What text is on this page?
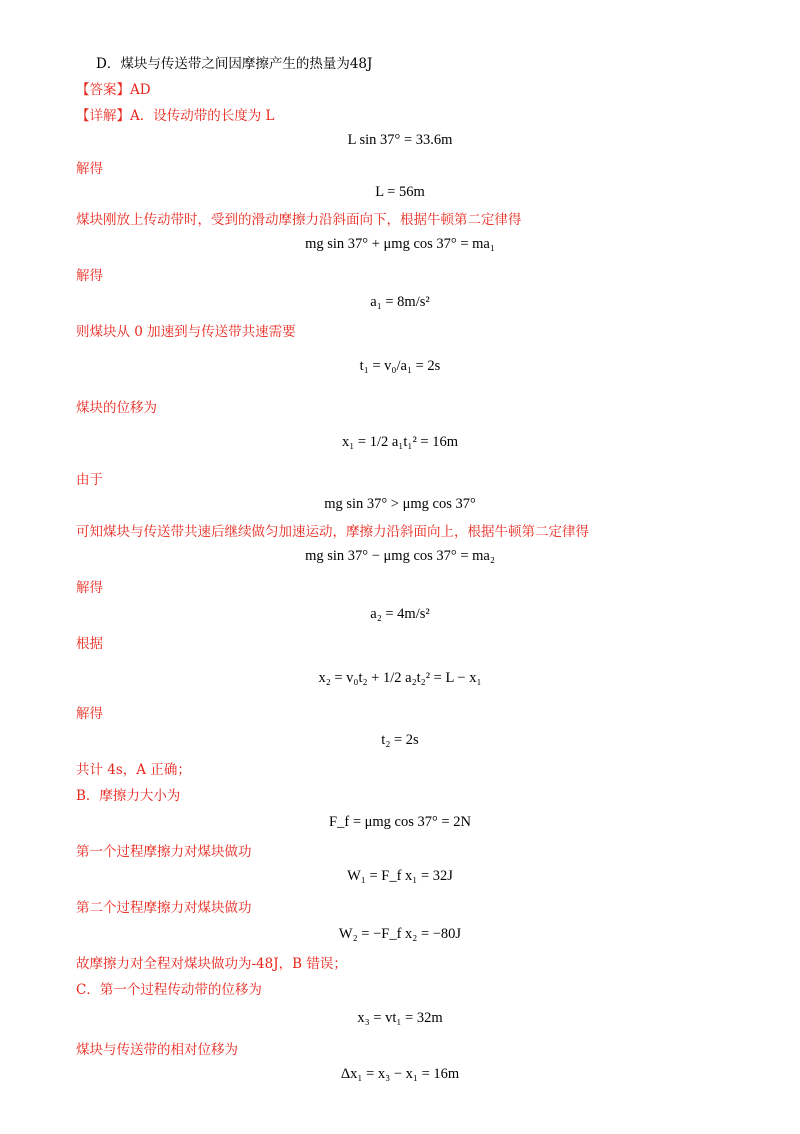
D．煤块与传送带之间因摩擦产生的热量为48J
【答案】AD
【详解】A．设传动带的长度为 L
L sin 37° = 33.6m
解得
L = 56m
煤块刚放上传动带时，受到的滑动摩擦力沿斜面向下，根据牛顿第二定律得
mg sin 37° + μmg cos 37° = ma₁
解得
a₁ = 8m/s²
则煤块从 0 加速到与传送带共速需要
t₁ = v₀/a₁ = 2s
煤块的位移为
x₁ = 1/2 a₁t₁² = 16m
由于
mg sin 37° > μmg cos 37°
可知煤块与传送带共速后继续做匀加速运动，摩擦力沿斜面向上，根据牛顿第二定律得
mg sin 37° − μmg cos 37° = ma₂
解得
a₂ = 4m/s²
根据
x₂ = v₀t₂ + 1/2 a₂t₂² = L − x₁
解得
t₂ = 2s
共计 4s，A 正确；
B．摩擦力大小为
F_f = μmg cos 37° = 2N
第一个过程摩擦力对煤块做功
W₁ = F_f x₁ = 32J
第二个过程摩擦力对煤块做功
W₂ = −F_f x₂ = −80J
故摩擦力对全程对煤块做功为-48J，B 错误；
C．第一个过程传动带的位移为
x₃ = vt₁ = 32m
煤块与传送带的相对位移为
Δx₁ = x₃ − x₁ = 16m
